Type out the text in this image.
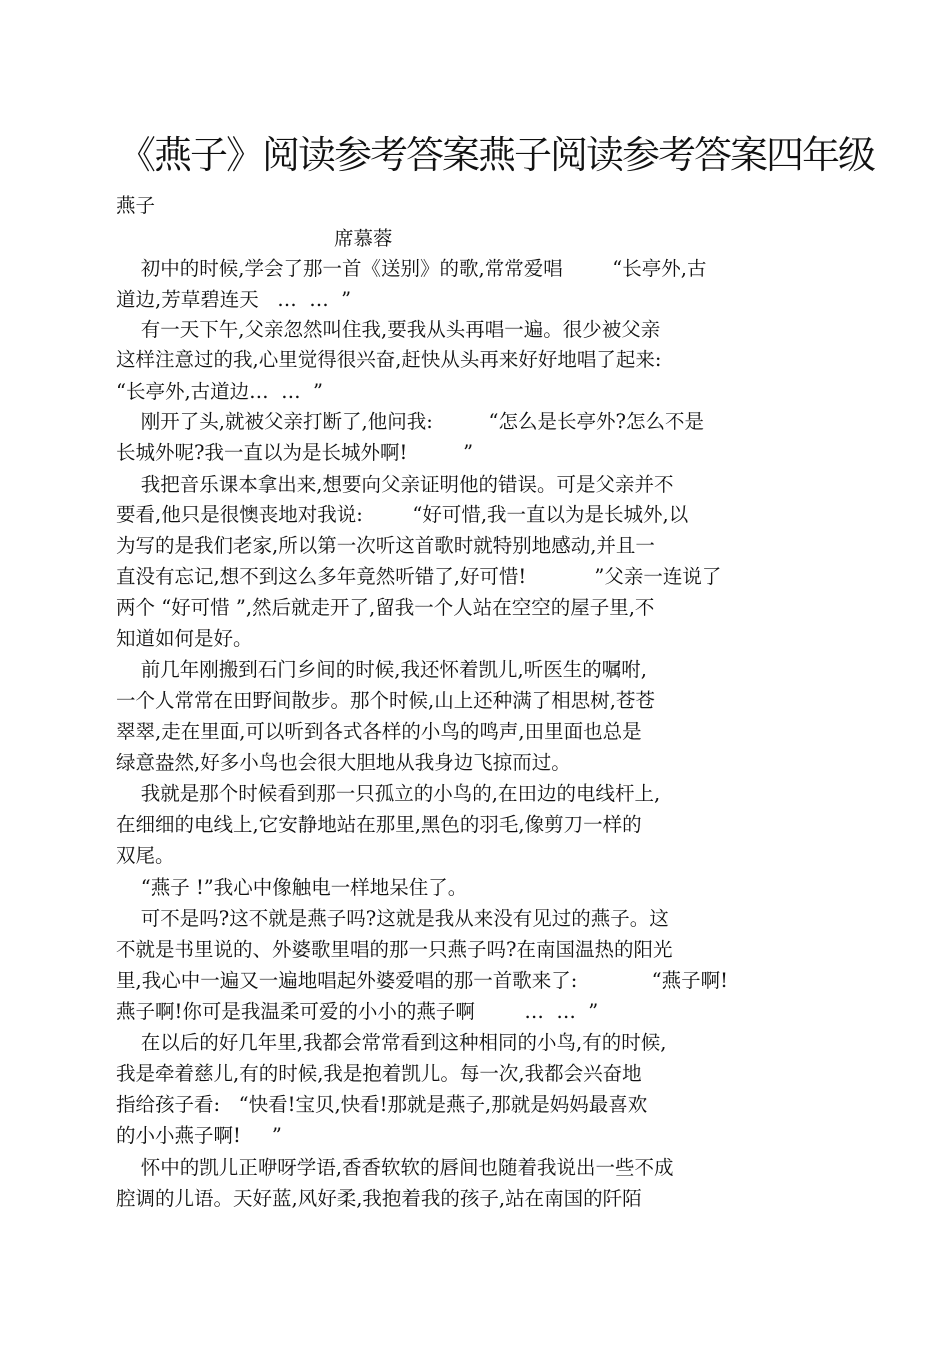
《燕子》阅读参考答案燕子阅读参考答案四年级
燕子
席慕蓉
初中的时候,学会了那一首《送别》的歌,常常爱唱        “长亭外,古
道边,芳草碧连天   …  …  ”
有一天下午,父亲忽然叫住我,要我从头再唱一遍。很少被父亲
这样注意过的我,心里觉得很兴奋,赶快从头再来好好地唱了起来:
“长亭外,古道边…  …  ”
刚开了头,就被父亲打断了,他问我:         “怎么是长亭外?怎么不是
长城外呢?我一直以为是长城外啊!         ”
我把音乐课本拿出来,想要向父亲证明他的错误。可是父亲并不
要看,他只是很懊丧地对我说:        “好可惜,我一直以为是长城外,以
为写的是我们老家,所以第一次听这首歌时就特别地感动,并且一
直没有忘记,想不到这么多年竟然听错了,好可惜!           ”父亲一连说了
两个 “好可惜 ”,然后就走开了,留我一个人站在空空的屋子里,不
知道如何是好。
前几年刚搬到石门乡间的时候,我还怀着凯儿,听医生的嘱咐,
一个人常常在田野间散步。那个时候,山上还种满了相思树,苍苍
翠翠,走在里面,可以听到各式各样的小鸟的鸣声,田里面也总是
绿意盎然,好多小鸟也会很大胆地从我身边飞掠而过。
我就是那个时候看到那一只孤立的小鸟的,在田边的电线杆上,
在细细的电线上,它安静地站在那里,黑色的羽毛,像剪刀一样的
双尾。
“燕子 !”我心中像触电一样地呆住了。
可不是吗?这不就是燕子吗?这就是我从来没有见过的燕子。这
不就是书里说的、外婆歌里唱的那一只燕子吗?在南国温热的阳光
里,我心中一遍又一遍地唱起外婆爱唱的那一首歌来了:            “燕子啊!
燕子啊!你可是我温柔可爱的小小的燕子啊        …  …  ”
在以后的好几年里,我都会常常看到这种相同的小鸟,有的时候,
我是牵着慈儿,有的时候,我是抱着凯儿。每一次,我都会兴奋地
指给孩子看:   “快看!宝贝,快看!那就是燕子,那就是妈妈最喜欢
的小小燕子啊!     ”
怀中的凯儿正咿呀学语,香香软软的唇间也随着我说出一些不成
腔调的儿语。天好蓝,风好柔,我抱着我的孩子,站在南国的阡陌
